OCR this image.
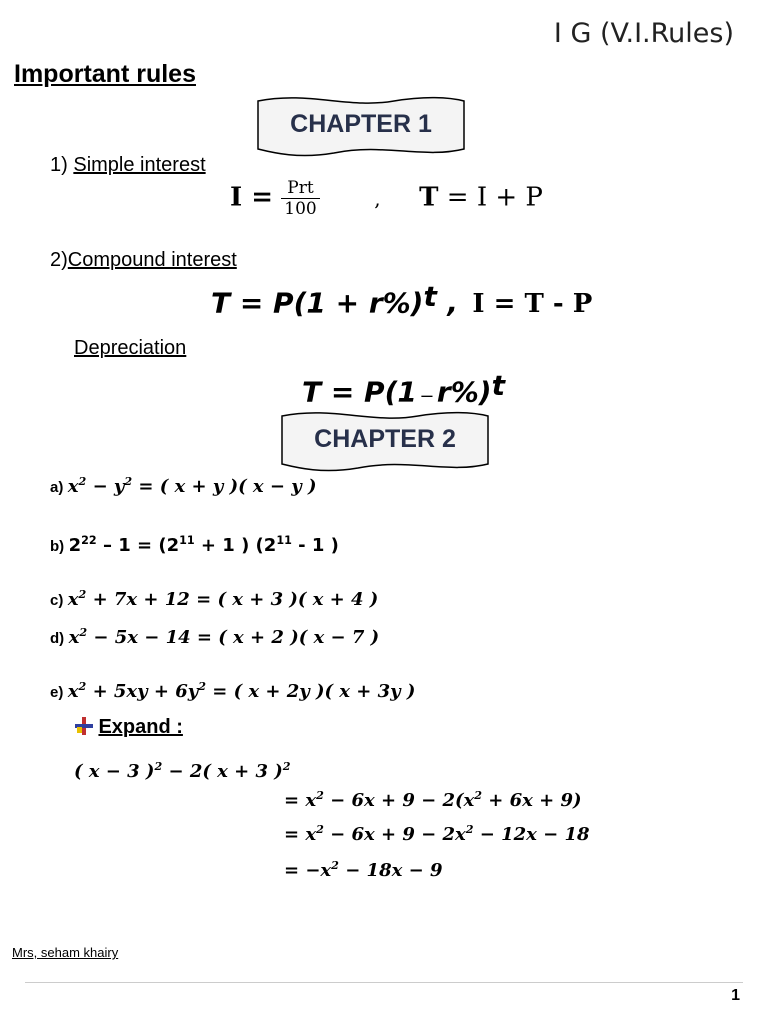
I G (V.I.Rules)
Important rules
CHAPTER 1
1) Simple interest
$I = \frac{\text{Prt}}{100}$	, T = I + P
2)Compound interest
$T = P(1 + r\%)^t$ , I = T - P
Depreciation
T = P(1 – r%)$^t$
CHAPTER 2
a) $x^2 - y^2$ = ( x + y )( x − y )
b) $2^{22} - 1 = (2^{11} + 1$ ) ($2^{11} - 1$ )
c) $x^2 + 7x + 12$ = ( x + 3 )( x + 4 )
d) $x^2 - 5x - 14$ = ( x + 2 )( x − 7 )
e) $x^2 + 5xy + 6y^2$ = ( x + 2y )( x + 3y )
Expand :
( x − 3 )$^2$ − 2( x + 3 )$^2$
= $x^2 - 6x + 9 - 2(x^2 + 6x + 9)$
= $x^2 - 6x + 9 - 2x^2 - 12x - 18$
= $-x^2 - 18x - 9$
Mrs, seham khairy
1
